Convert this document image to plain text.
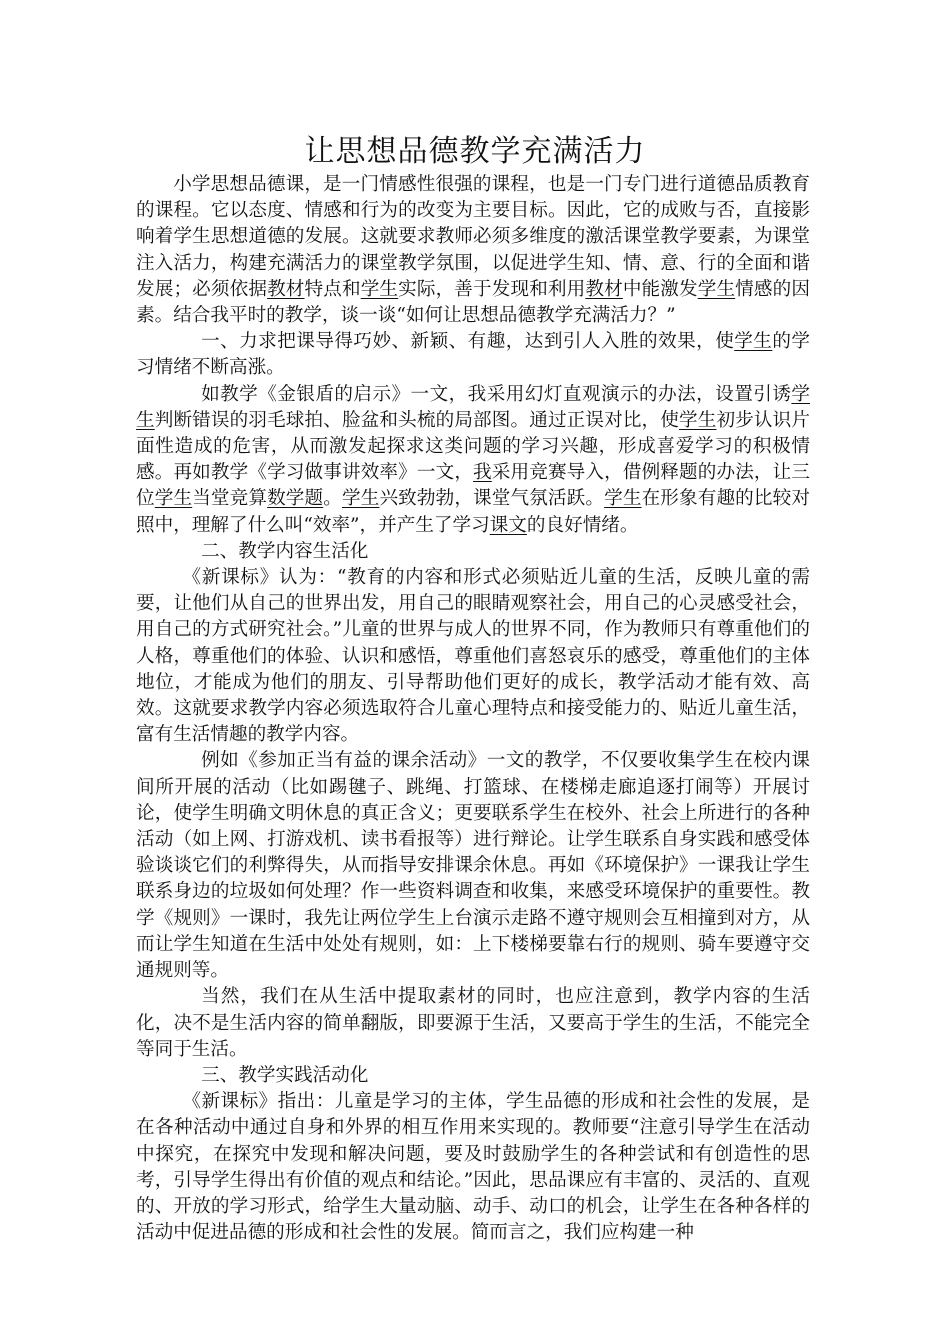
让思想品德教学充满活力

小学思想品德课，是一门情感性很强的课程，也是一门专门进行道德品质教育的课程。它以态度、情感和行为的改变为主要目标。因此，它的成败与否，直接影响着学生思想道德的发展。这就要求教师必须多维度的激活课堂教学要素，为课堂注入活力，构建充满活力的课堂教学氛围，以促进学生知、情、意、行的全面和谐发展；必须依据教材特点和学生实际，善于发现和利用教材中能激发学生情感的因素。结合我平时的教学，谈一谈“如何让思想品德教学充满活力？”

一、力求把课导得巧妙、新颖、有趣，达到引人入胜的效果，使学生的学习情绪不断高涨。

如教学《金银盾的启示》一文，我采用幻灯直观演示的办法，设置引诱学生判断错误的羽毛球拍、脸盆和头梳的局部图。通过正误对比，使学生初步认识片面性造成的危害，从而激发起探求这类问题的学习兴趣，形成喜爱学习的积极情感。再如教学《学习做事讲效率》一文，我采用竞赛导入，借例释题的办法，让三位学生当堂竞算数学题。学生兴致勃勃，课堂气氛活跃。学生在形象有趣的比较对照中，理解了什么叫“效率”，并产生了学习课文的良好情绪。

二、教学内容生活化

《新课标》认为：“教育的内容和形式必须贴近儿童的生活，反映儿童的需要，让他们从自己的世界出发，用自己的眼睛观察社会，用自己的心灵感受社会，用自己的方式研究社会。”儿童的世界与成人的世界不同，作为教师只有尊重他们的人格，尊重他们的体验、认识和感悟，尊重他们喜怒哀乐的感受，尊重他们的主体地位，才能成为他们的朋友、引导帮助他们更好的成长，教学活动才能有效、高效。这就要求教学内容必须选取符合儿童心理特点和接受能力的、贴近儿童生活，富有生活情趣的教学内容。

例如《参加正当有益的课余活动》一文的教学，不仅要收集学生在校内课间所开展的活动（比如踢毽子、跳绳、打篮球、在楼梯走廊追逐打闹等）开展讨论，使学生明确文明休息的真正含义；更要联系学生在校外、社会上所进行的各种活动（如上网、打游戏机、读书看报等）进行辩论。让学生联系自身实践和感受体验谈谈它们的利弊得失，从而指导安排课余休息。再如《环境保护》一课我让学生联系身边的垃圾如何处理？作一些资料调查和收集，来感受环境保护的重要性。教学《规则》一课时，我先让两位学生上台演示走路不遵守规则会互相撞到对方，从而让学生知道在生活中处处有规则，如：上下楼梯要靠右行的规则、骑车要遵守交通规则等。

当然，我们在从生活中提取素材的同时，也应注意到，教学内容的生活化，决不是生活内容的简单翻版，即要源于生活，又要高于学生的生活，不能完全等同于生活。

三、教学实践活动化

《新课标》指出：儿童是学习的主体，学生品德的形成和社会性的发展，是在各种活动中通过自身和外界的相互作用来实现的。教师要“注意引导学生在活动中探究，在探究中发现和解决问题，要及时鼓励学生的各种尝试和有创造性的思考，引导学生得出有价值的观点和结论。”因此，思品课应有丰富的、灵活的、直观的、开放的学习形式，给学生大量动脑、动手、动口的机会，让学生在各种各样的活动中促进品德的形成和社会性的发展。简而言之，我们应构建一种
